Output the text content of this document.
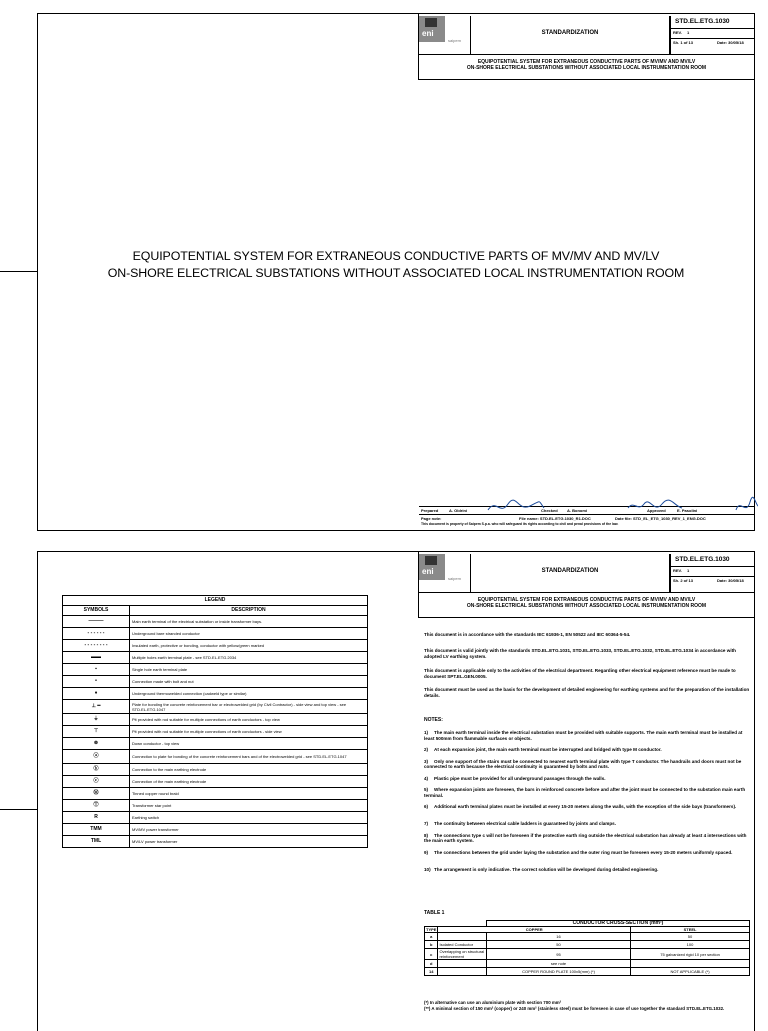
eni
saipem
STANDARDIZATION
STD.EL.ETG.1030
REV. 1
Sh. 1 of 13	Date: 30/05/18
EQUIPOTENTIAL SYSTEM FOR EXTRANEOUS CONDUCTIVE PARTS OF MV/MV AND MV/LV
ON-SHORE ELECTRICAL SUBSTATIONS WITHOUT ASSOCIATED LOCAL INSTRUMENTATION ROOM
EQUIPOTENTIAL SYSTEM FOR EXTRANEOUS CONDUCTIVE PARTS OF MV/MV AND MV/LV
ON-SHORE ELECTRICAL SUBSTATIONS WITHOUT ASSOCIATED LOCAL INSTRUMENTATION ROOM
Prepared	A. Oldrini	Checked A. Bonomi	Approved	E. Pasolini
Page note:	File name: STD.EL.ETG.1030_R1.DOC	Date file: STD_EL_ETG_1030_REV_1_ENG.DOC
This document is property of Saipem S.p.a. who will safeguard its rights according to civil and penal provisions of the law.
eni
saipem
STANDARDIZATION
STD.EL.ETG.1030
REV. 1
Sh. 2 of 13	Date: 30/05/18
EQUIPOTENTIAL SYSTEM FOR EXTRANEOUS CONDUCTIVE PARTS OF MV/MV AND MV/LV
ON-SHORE ELECTRICAL SUBSTATIONS WITHOUT ASSOCIATED LOCAL INSTRUMENTATION ROOM
LEGEND	
SYMBOLS	DESCRIPTION
———	Main earth terminal of the electrical substation or inside transformer bays.
- - - - - -	Underground bare stranded conductor
- - - - - - - -	Insulated earth, protective or bonding, conductor with yellow/green marked
▬▬	Multiple holes earth terminal plate - see STD.EL.ETG.2034
▪	Single hole earth terminal plate
•	Connection made with bolt and nut
♦	Underground thermowelded connection (cadweld type or similar)
⊥ ━	Plate for bonding the concrete reinforcement bar or electrowelded grid (by Civil Contractor) - side view and top view - see STD.EL.ETG.1047
⏚	Pit provided with rod suitable for multiple connections of earth conductors - top view
⊤	Pit provided with rod suitable for multiple connections of earth conductors - side view
⊗	Down conductor - top view
ⓐ	Connection to plate for bonding of the concrete reinforcement bars and of the electrowelded grid - see STD.EL.ETG.1047
ⓑ	Connection to the main earthing electrode
ⓒ	Connection of the main earthing electrode
Ⓜ	Tinned copper round braid
Ⓣ	Transformer star point
R	Earthing switch
TMM	MV/MV power transformer
TML	MV/LV power transformer
This document is in accordance with the standards IEC 61936-1, EN 50522 and IEC 60364-5-54.
This document is valid jointly with the standards STD.EL.ETG.1031, STD.EL.ETG.1033, STD.EL.ETG.1032, STD.EL.ETG.1034 in accordance with adopted LV earthing system.
This document is applicable only to the activities of the electrical department. Regarding other electrical equipment reference must be made to document SPT.EL.GEN.0005.
This document must be used as the basis for the development of detailed engineering for earthing systems and for the preparation of the installation details.
NOTES:
1) The main earth terminal inside the electrical substation must be provided with suitable supports. The main earth terminal must be installed at least 500mm from flammable surfaces or objects.
2) At each expansion joint, the main earth terminal must be interrupted and bridged with type M conductor.
3) Only one support of the stairs must be connected to nearest earth terminal plate with type T conductor. The handrails and doors must not be connected to earth because the electrical continuity is guaranteed by bolts and nuts.
4) Plastic pipe must be provided for all underground passages through the walls.
5) Where expansion joints are foreseen, the bars in reinforced concrete before and after the joint must be connected to the substation main earth terminal.
6) Additional earth terminal plates must be installed at every 15-20 meters along the walls, with the exception of the side bays (transformers).
7) The continuity between electrical cable ladders is guaranteed by joints and clamps.
8) The connections type c will not be foreseen if the protective earth ring outside the electrical substation has already at least 4 intersections with the main earth system.
9) The connections between the grid under laying the substation and the outer ring must be foreseen every 15-20 meters uniformly spaced.
10) The arrangement is only indicative. The correct solution will be developed during detailed engineering.
TABLE 1
		CONDUCTOR CROSS-SECTION (mm²)	
TYPE	COPPER		STEEL
a		16	50
b	Isolated Conductor	50	100
c	Overlapping on structural reinforcement	95	75 galvanized rigid 10 per section
d		see note	
14		COPPER ROUND PLATE 100x5(mm) (*)	NOT APPLICABLE (*)
(*) In alternative can use an aluminium plate with section 700 mm²
(**) A minimal section of 150 mm² (copper) or 240 mm² (stainless steel) must be foreseen in case of use together the standard STD.EL.ETG.1032.
